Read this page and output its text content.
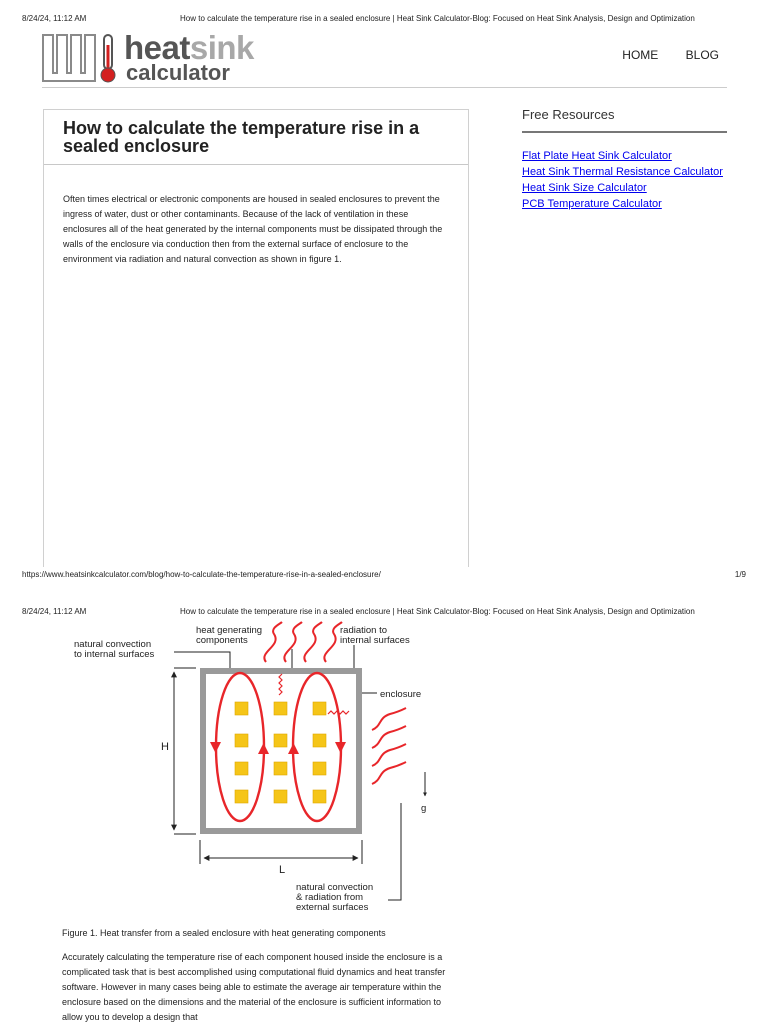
8/24/24, 11:12 AM	How to calculate the temperature rise in a sealed enclosure | Heat Sink Calculator-Blog: Focused on Heat Sink Analysis, Design and Optimization
heatsink
calculator
HOME BLOG
How to calculate the temperature rise in a sealed enclosure

Often times electrical or electronic components are housed in sealed enclosures to prevent the ingress of water, dust or other contaminants. Because of the lack of ventilation in these enclosures all of the heat generated by the internal components must be dissipated through the walls of the enclosure via conduction then from the external surface of enclosure to the environment via radiation and natural convection as shown in figure 1.

Free Resources
Flat Plate Heat Sink Calculator
Heat Sink Thermal Resistance Calculator
Heat Sink Size Calculator
PCB Temperature Calculator
https://www.heatsinkcalculator.com/blog/how-to-calculate-the-temperature-rise-in-a-sealed-enclosure/	1/9
8/24/24, 11:12 AM	How to calculate the temperature rise in a sealed enclosure | Heat Sink Calculator-Blog: Focused on Heat Sink Analysis, Design and Optimization
natural convection
to internal surfaces
heat generating
components
radiation to
internal surfaces
enclosure
H
L
g
natural convection
& radiation from
external surfaces
Figure 1. Heat transfer from a sealed enclosure with heat generating components
Accurately calculating the temperature rise of each component housed inside the enclosure is a complicated task that is best accomplished using computational fluid dynamics and heat transfer software. However in many cases being able to estimate the average air temperature within the enclosure based on the dimensions and the material of the enclosure is sufficient information to allow you to develop a design that
